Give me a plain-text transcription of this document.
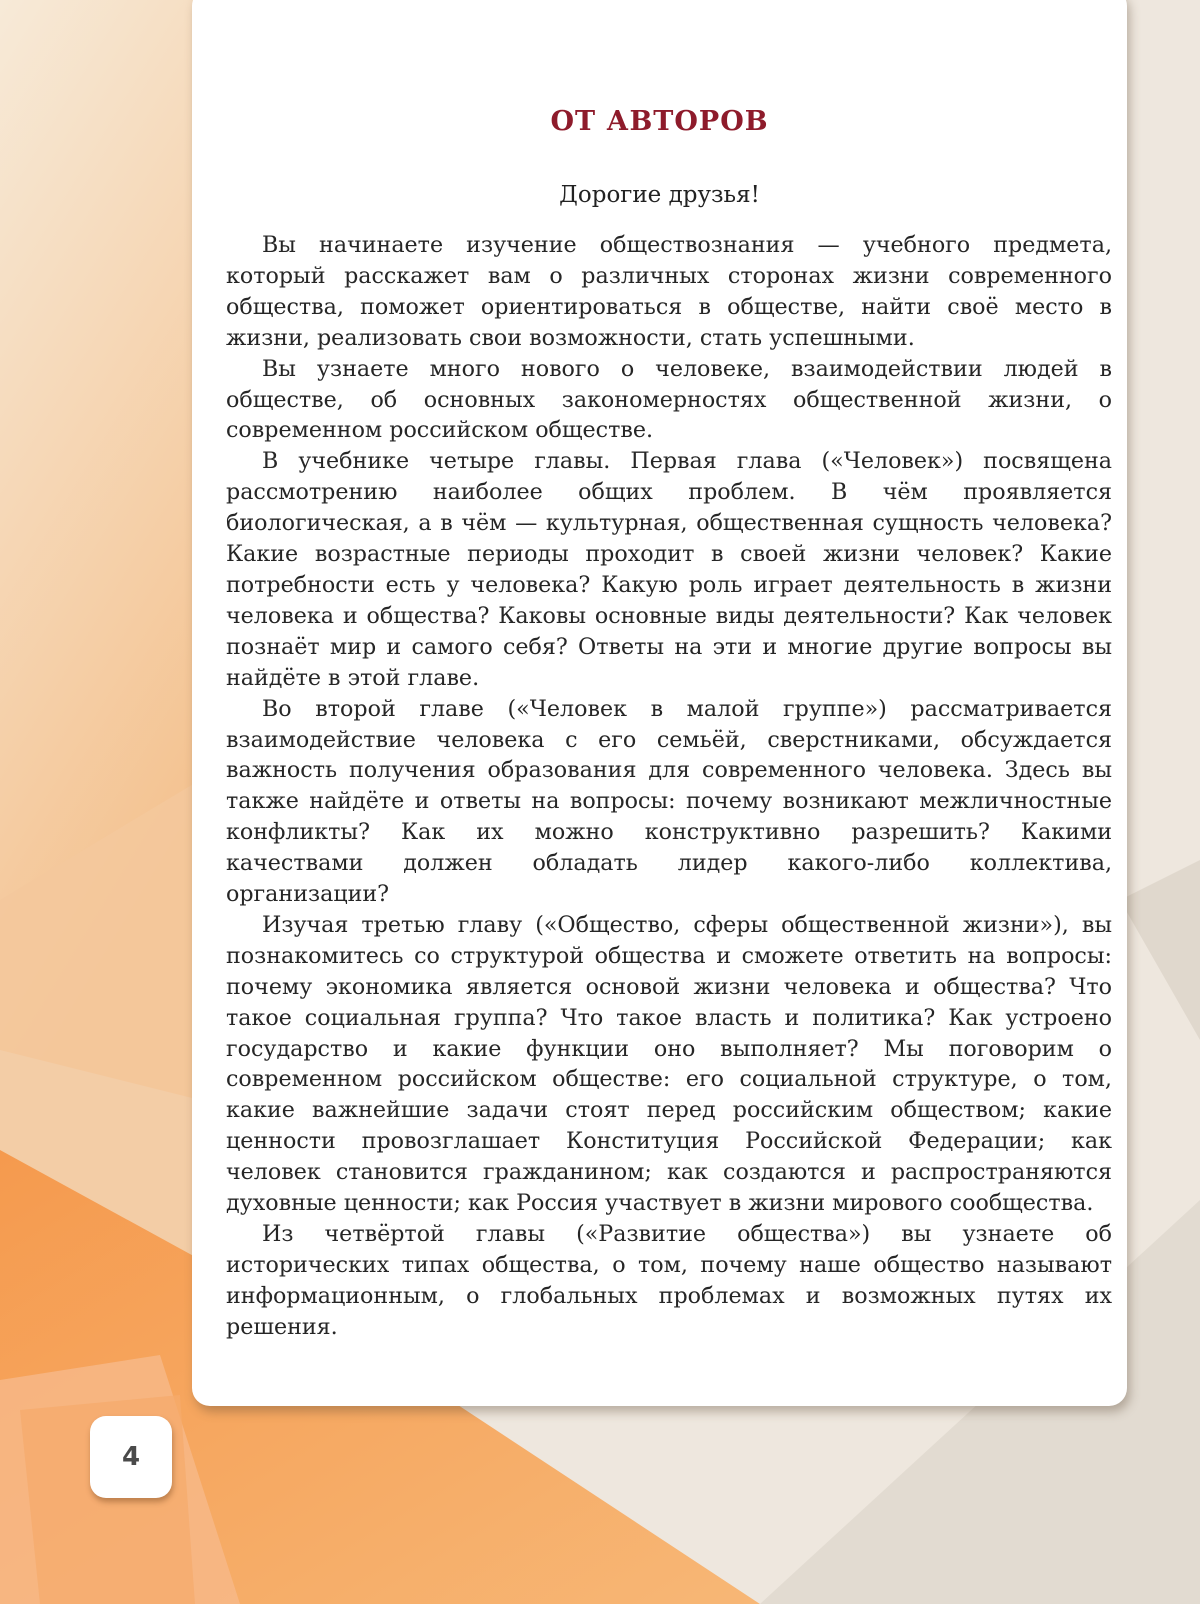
ОТ АВТОРОВ

Дорогие друзья!

Вы начинаете изучение обществознания — учебного предмета, который расскажет вам о различных сторонах жизни современного общества, поможет ориентироваться в обществе, найти своё место в жизни, реализовать свои возможности, стать успешными.

Вы узнаете много нового о человеке, взаимодействии людей в обществе, об основных закономерностях общественной жизни, о современном российском обществе.

В учебнике четыре главы. Первая глава («Человек») посвящена рассмотрению наиболее общих проблем. В чём проявляется биологическая, а в чём — культурная, общественная сущность человека? Какие возрастные периоды проходит в своей жизни человек? Какие потребности есть у человека? Какую роль играет деятельность в жизни человека и общества? Каковы основные виды деятельности? Как человек познаёт мир и самого себя? Ответы на эти и многие другие вопросы вы найдёте в этой главе.

Во второй главе («Человек в малой группе») рассматривается взаимодействие человека с его семьёй, сверстниками, обсуждается важность получения образования для современного человека. Здесь вы также найдёте и ответы на вопросы: почему возникают межличностные конфликты? Как их можно конструктивно разрешить? Какими качествами должен обладать лидер какого-либо коллектива, организации?

Изучая третью главу («Общество, сферы общественной жизни»), вы познакомитесь со структурой общества и сможете ответить на вопросы: почему экономика является основой жизни человека и общества? Что такое социальная группа? Что такое власть и политика? Как устроено государство и какие функции оно выполняет? Мы поговорим о современном российском обществе: его социальной структуре, о том, какие важнейшие задачи стоят перед российским обществом; какие ценности провозглашает Конституция Российской Федерации; как человек становится гражданином; как создаются и распространяются духовные ценности; как Россия участвует в жизни мирового сообщества.

Из четвёртой главы («Развитие общества») вы узнаете об исторических типах общества, о том, почему наше общество называют информационным, о глобальных проблемах и возможных путях их решения.

4
